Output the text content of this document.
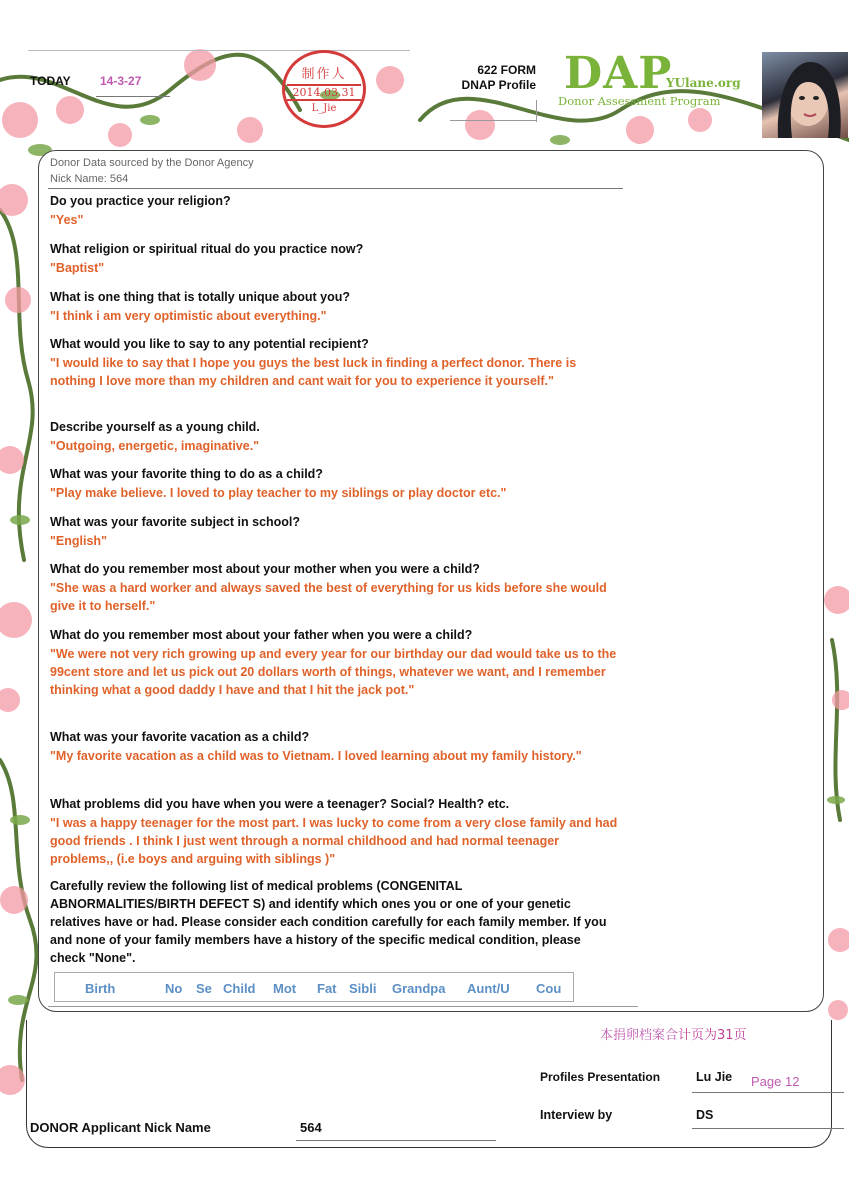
TODAY 14-3-27	制作人
2014.03.31
L_Jie
622 FORM
DNAP Profile DAP
YUlane.org
Donor Assessment Program
Donor Data sourced by the Donor Agency
Nick Name: 564
Do you practice your religion?
"Yes"
What religion or spiritual ritual do you practice now?
"Baptist"
What is one thing that is totally unique about you?
"I think i am very optimistic about everything."
What would you like to say to any potential recipient?
"I would like to say that I hope you guys the best luck in finding a perfect donor. There is nothing I love more than my children and cant wait for you to experience it yourself."
Describe yourself as a young child.
"Outgoing, energetic, imaginative."
What was your favorite thing to do as a child?
"Play make believe. I loved to play teacher to my siblings or play doctor etc."
What was your favorite subject in school?
"English"
What do you remember most about your mother when you were a child?
"She was a hard worker and always saved the best of everything for us kids before she would give it to herself."
What do you remember most about your father when you were a child?
"We were not very rich growing up and every year for our birthday our dad would take us to the 99cent store and let us pick out 20 dollars worth of things, whatever we want, and I remember thinking what a good daddy I have and that I hit the jack pot."
What was your favorite vacation as a child?
"My favorite vacation as a child was to Vietnam. I loved learning about my family history."
What problems did you have when you were a teenager? Social? Health? etc.
"I was a happy teenager for the most part. I was lucky to come from a very close family and had good friends . I think I just went through a normal childhood and had normal teenager problems,, (i.e boys and arguing with siblings )"
Carefully review the following list of medical problems (CONGENITAL ABNORMALITIES/BIRTH DEFECT S) and identify which ones you or one of your genetic relatives have or had. Please consider each condition carefully for each family member. If you and none of your family members have a history of the specific medical condition, please check "None".
Birth	No Se Child Mot Fat Sibli Grandpa Aunt/U Cou
本捐卵档案合计页为31页
Profiles Presentation	Lu Jie Page 12
Interview by	DS
DONOR Applicant Nick Name	564
